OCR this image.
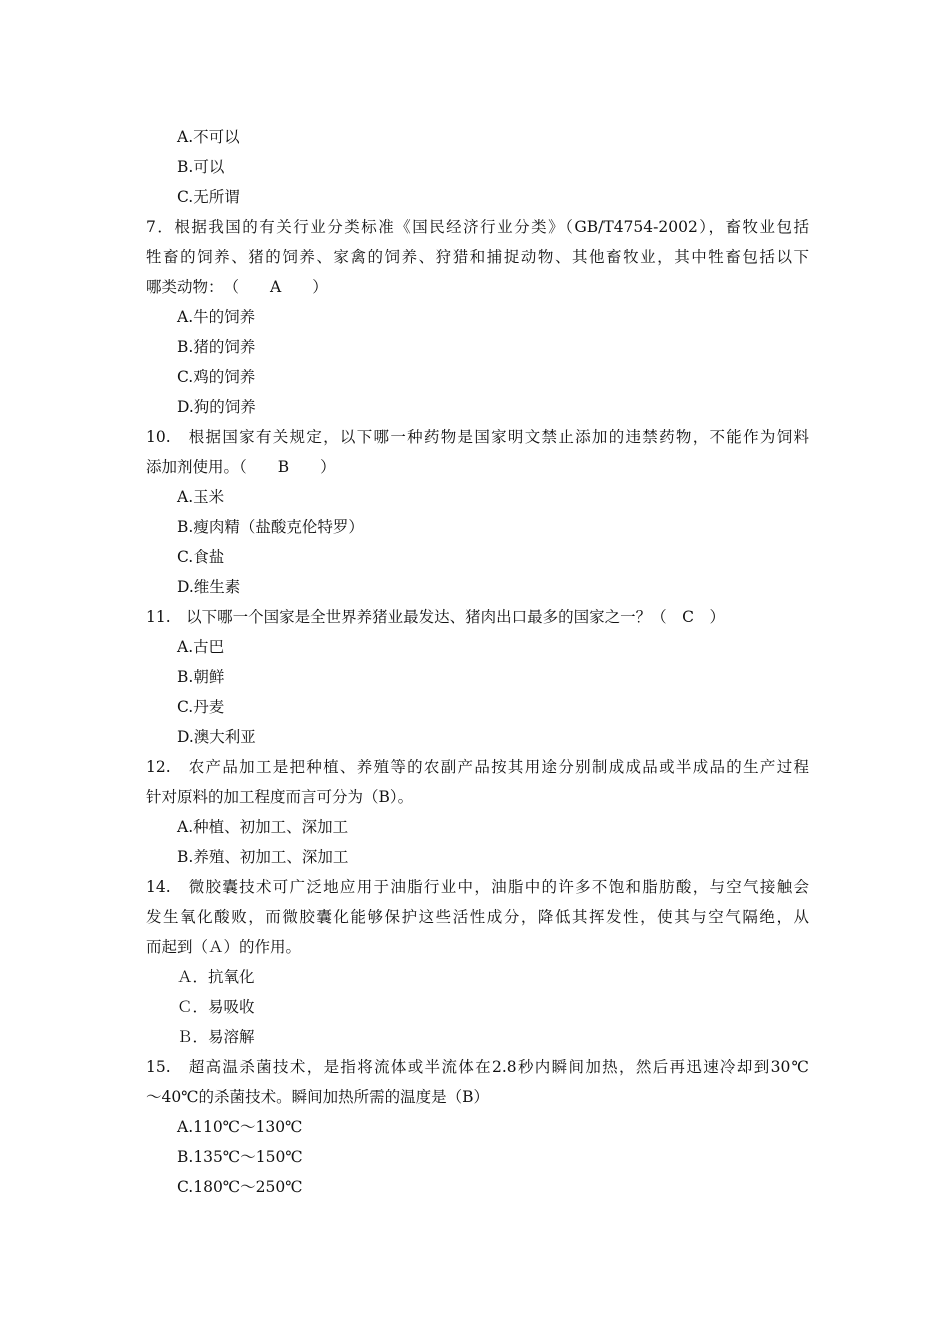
A.不可以
B.可以
C.无所谓
7．根据我国的有关行业分类标准《国民经济行业分类》（GB/T4754-2002），畜牧业包括
牲畜的饲养、猪的饲养、家禽的饲养、狩猎和捕捉动物、其他畜牧业，其中牲畜包括以下
哪类动物：　（　　A　　）
A.牛的饲养
B.猪的饲养
C.鸡的饲养
D.狗的饲养
10.　根据国家有关规定，以下哪一种药物是国家明文禁止添加的违禁药物，不能作为饲料
添加剂使用。（　　B　　）
A.玉米
B.瘦肉精（盐酸克伦特罗）
C.食盐
D.维生素
11.　以下哪一个国家是全世界养猪业最发达、猪肉出口最多的国家之一？（　C　）
A.古巴
B.朝鲜
C.丹麦
D.澳大利亚
12.　农产品加工是把种植、养殖等的农副产品按其用途分别制成成品或半成品的生产过程
针对原料的加工程度而言可分为（B）。
A.种植、初加工、深加工
B.养殖、初加工、深加工
14.　微胶囊技术可广泛地应用于油脂行业中，油脂中的许多不饱和脂肪酸，与空气接触会
发生氧化酸败，而微胶囊化能够保护这些活性成分，降低其挥发性，使其与空气隔绝，从
而起到（Ａ）的作用。
Ａ．抗氧化
Ｃ．易吸收
Ｂ．易溶解
15.　超高温杀菌技术，是指将流体或半流体在2.8秒内瞬间加热，然后再迅速冷却到30℃
～40℃的杀菌技术。瞬间加热所需的温度是（B）
A.110℃～130℃
B.135℃～150℃
C.180℃～250℃
